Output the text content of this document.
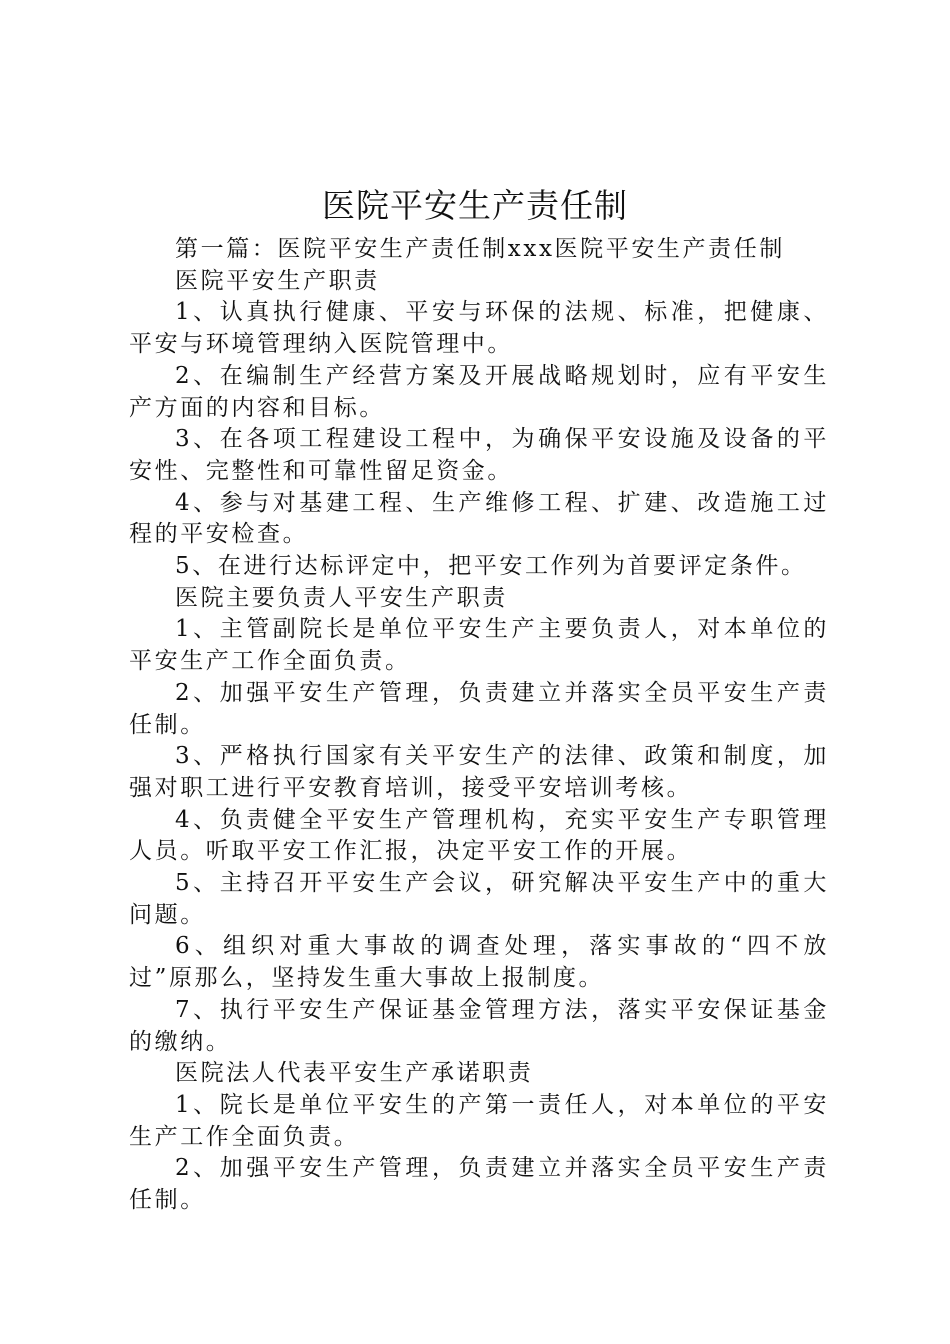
医院平安生产责任制

第一篇：医院平安生产责任制xxx医院平安生产责任制

医院平安生产职责

1、认真执行健康、平安与环保的法规、标准，把健康、平安与环境管理纳入医院管理中。

2、在编制生产经营方案及开展战略规划时，应有平安生产方面的内容和目标。

3、在各项工程建设工程中，为确保平安设施及设备的平安性、完整性和可靠性留足资金。

4、参与对基建工程、生产维修工程、扩建、改造施工过程的平安检查。

5、在进行达标评定中，把平安工作列为首要评定条件。

医院主要负责人平安生产职责

1、主管副院长是单位平安生产主要负责人，对本单位的平安生产工作全面负责。

2、加强平安生产管理，负责建立并落实全员平安生产责任制。

3、严格执行国家有关平安生产的法律、政策和制度，加强对职工进行平安教育培训，接受平安培训考核。

4、负责健全平安生产管理机构，充实平安生产专职管理人员。听取平安工作汇报，决定平安工作的开展。

5、主持召开平安生产会议，研究解决平安生产中的重大问题。

6、组织对重大事故的调查处理，落实事故的“四不放过”原那么，坚持发生重大事故上报制度。

7、执行平安生产保证基金管理方法，落实平安保证基金的缴纳。

医院法人代表平安生产承诺职责

1、院长是单位平安生的产第一责任人，对本单位的平安生产工作全面负责。

2、加强平安生产管理，负责建立并落实全员平安生产责任制。
